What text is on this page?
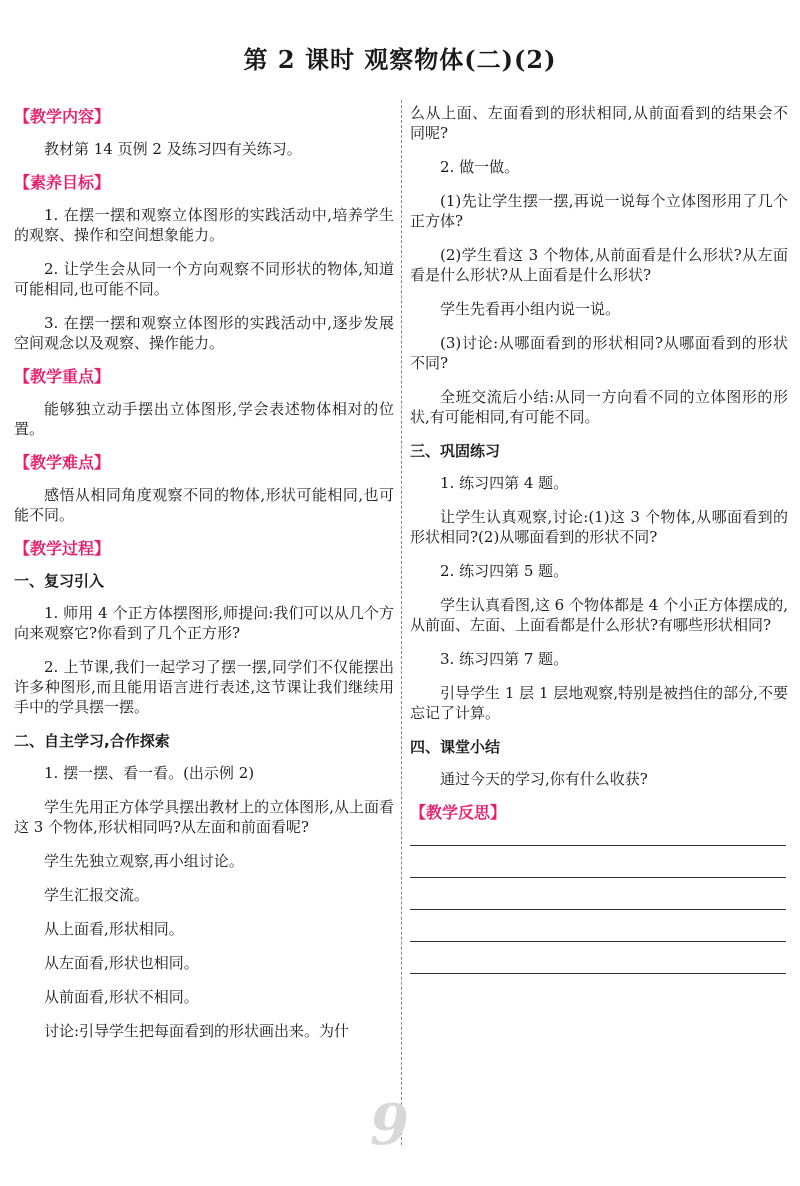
第 2 课时 观察物体(二)(2)
【教学内容】
教材第 14 页例 2 及练习四有关练习。
【素养目标】
1. 在摆一摆和观察立体图形的实践活动中,培养学生的观察、操作和空间想象能力。
2. 让学生会从同一个方向观察不同形状的物体,知道可能相同,也可能不同。
3. 在摆一摆和观察立体图形的实践活动中,逐步发展空间观念以及观察、操作能力。
【教学重点】
能够独立动手摆出立体图形,学会表述物体相对的位置。
【教学难点】
感悟从相同角度观察不同的物体,形状可能相同,也可能不同。
【教学过程】
一、复习引入
1. 师用 4 个正方体摆图形,师提问:我们可以从几个方向来观察它?你看到了几个正方形?
2. 上节课,我们一起学习了摆一摆,同学们不仅能摆出许多种图形,而且能用语言进行表述,这节课让我们继续用手中的学具摆一摆。
二、自主学习,合作探索
1. 摆一摆、看一看。(出示例 2)
学生先用正方体学具摆出教材上的立体图形,从上面看这 3 个物体,形状相同吗?从左面和前面看呢?
学生先独立观察,再小组讨论。
学生汇报交流。
从上面看,形状相同。
从左面看,形状也相同。
从前面看,形状不相同。
讨论:引导学生把每面看到的形状画出来。为什
么从上面、左面看到的形状相同,从前面看到的结果会不同呢?
2. 做一做。
(1)先让学生摆一摆,再说一说每个立体图形用了几个正方体?
(2)学生看这 3 个物体,从前面看是什么形状?从左面看是什么形状?从上面看是什么形状?
学生先看再小组内说一说。
(3)讨论:从哪面看到的形状相同?从哪面看到的形状不同?
全班交流后小结:从同一方向看不同的立体图形的形状,有可能相同,有可能不同。
三、巩固练习
1. 练习四第 4 题。
让学生认真观察,讨论:(1)这 3 个物体,从哪面看到的形状相同?(2)从哪面看到的形状不同?
2. 练习四第 5 题。
学生认真看图,这 6 个物体都是 4 个小正方体摆成的,从前面、左面、上面看都是什么形状?有哪些形状相同?
3. 练习四第 7 题。
引导学生 1 层 1 层地观察,特别是被挡住的部分,不要忘记了计算。
四、课堂小结
通过今天的学习,你有什么收获?
【教学反思】
9
